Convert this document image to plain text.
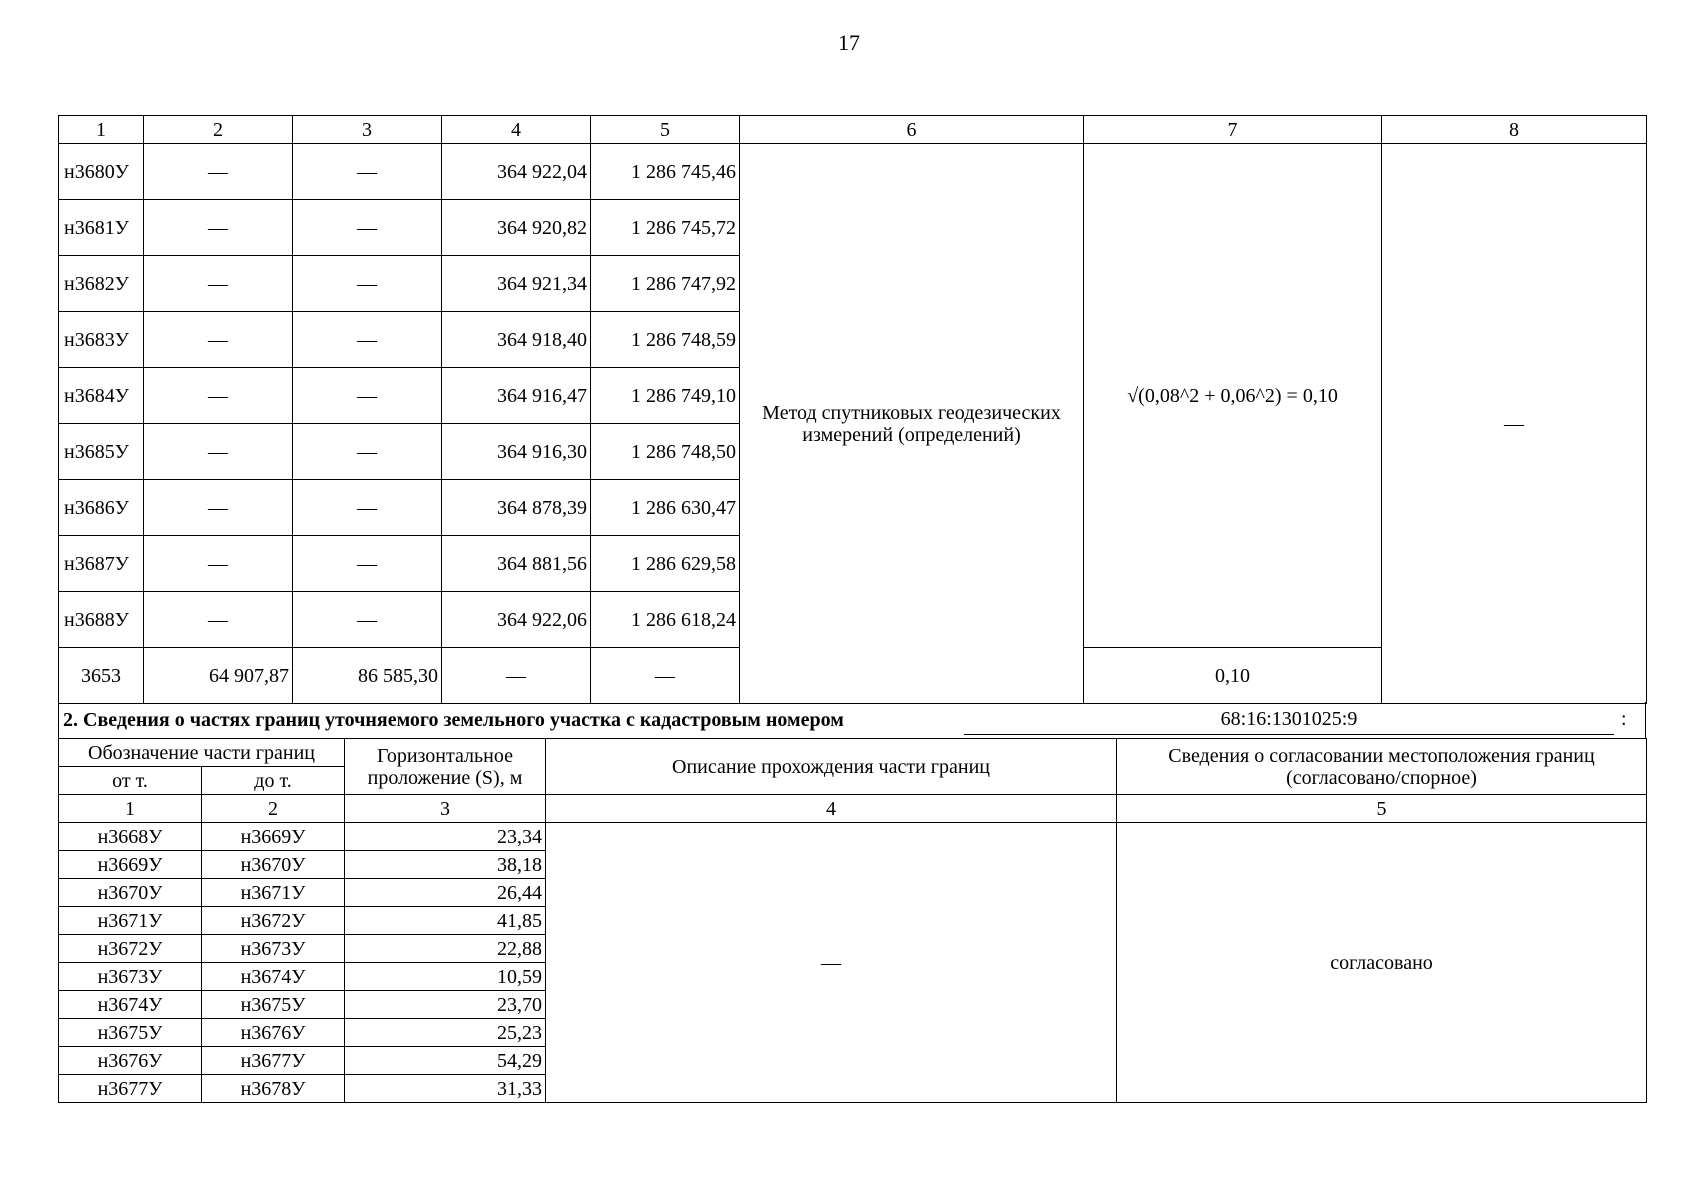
17
1	2	3	4	5	6	7	8
н3680У	—	—	364 922,04	1 286 745,46	Метод спутниковых геодезических измерений (определений)	√(0,08^2 + 0,06^2) = 0,10	—
н3681У	—	—	364 920,82	1 286 745,72			
н3682У	—	—	364 921,34	1 286 747,92			
н3683У	—	—	364 918,40	1 286 748,59			
н3684У	—	—	364 916,47	1 286 749,10			
н3685У	—	—	364 916,30	1 286 748,50			
н3686У	—	—	364 878,39	1 286 630,47			
н3687У	—	—	364 881,56	1 286 629,58			
н3688У	—	—	364 922,06	1 286 618,24			
3653	64 907,87	86 585,30	—	—		0,10	
2. Сведения о частях границ уточняемого земельного участка с кадастровым номером	68:16:1301025:9	:
Обозначение части границ		Горизонтальное проложение (S), м	Описание прохождения части границ	Сведения о согласовании местоположения границ (согласовано/спорное)
от т.	до т.			
1	2	3	4	5
н3668У	н3669У	23,34	—	согласовано
н3669У	н3670У	38,18		
н3670У	н3671У	26,44		
н3671У	н3672У	41,85		
н3672У	н3673У	22,88		
н3673У	н3674У	10,59		
н3674У	н3675У	23,70		
н3675У	н3676У	25,23		
н3676У	н3677У	54,29		
н3677У	н3678У	31,33		
